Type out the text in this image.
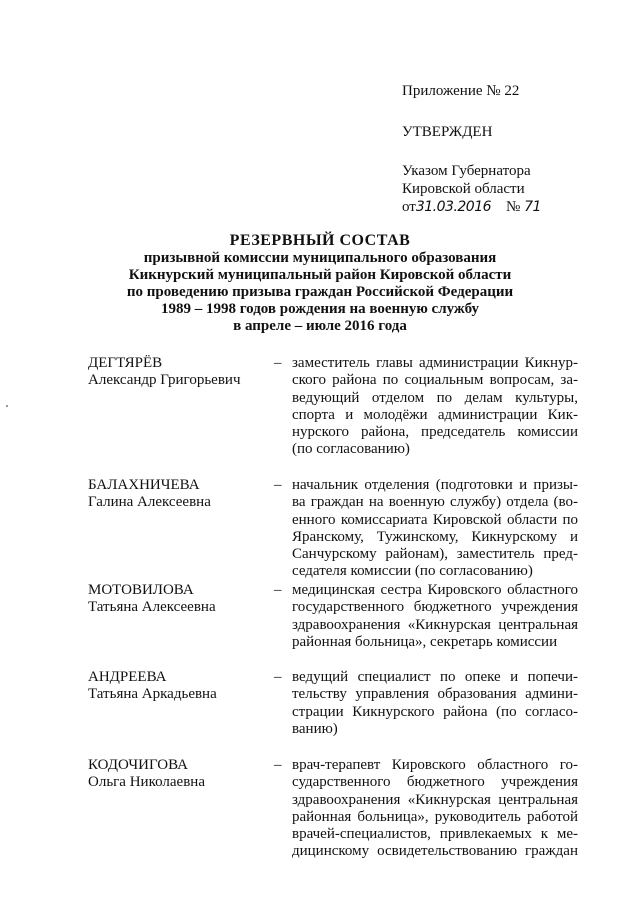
Приложение № 22
УТВЕРЖДЕН
Указом Губернатора
Кировской области
от31.03.2016 № 71
РЕЗЕРВНЫЙ СОСТАВ
призывной комиссии муниципального образования
Кикнурский муниципальный район Кировской области
по проведению призыва граждан Российской Федерации
1989 – 1998 годов рождения на военную службу
в апреле – июле 2016 года
ДЕГТЯРЁВ
Александр Григорьевич
– заместитель главы администрации Кикнур-
ского района по социальным вопросам, за-
ведующий отделом по делам культуры,
спорта и молодёжи администрации Кик-
нурского района, председатель комиссии
(по согласованию)
БАЛАХНИЧЕВА
Галина Алексеевна
– начальник отделения (подготовки и призы-
ва граждан на военную службу) отдела (во-
енного комиссариата Кировской области по
Яранскому, Тужинскому, Кикнурскому и
Санчурскому районам), заместитель пред-
седателя комиссии (по согласованию)
МОТОВИЛОВА
Татьяна Алексеевна
– медицинская сестра Кировского областного
государственного бюджетного учреждения
здравоохранения «Кикнурская центральная
районная больница», секретарь комиссии
АНДРЕЕВА
Татьяна Аркадьевна
– ведущий специалист по опеке и попечи-
тельству управления образования админи-
страции Кикнурского района (по согласо-
ванию)
КОДОЧИГОВА
Ольга Николаевна
– врач-терапевт Кировского областного го-
сударственного бюджетного учреждения
здравоохранения «Кикнурская центральная
районная больница», руководитель работой
врачей-специалистов, привлекаемых к ме-
дицинскому освидетельствованию граждан
